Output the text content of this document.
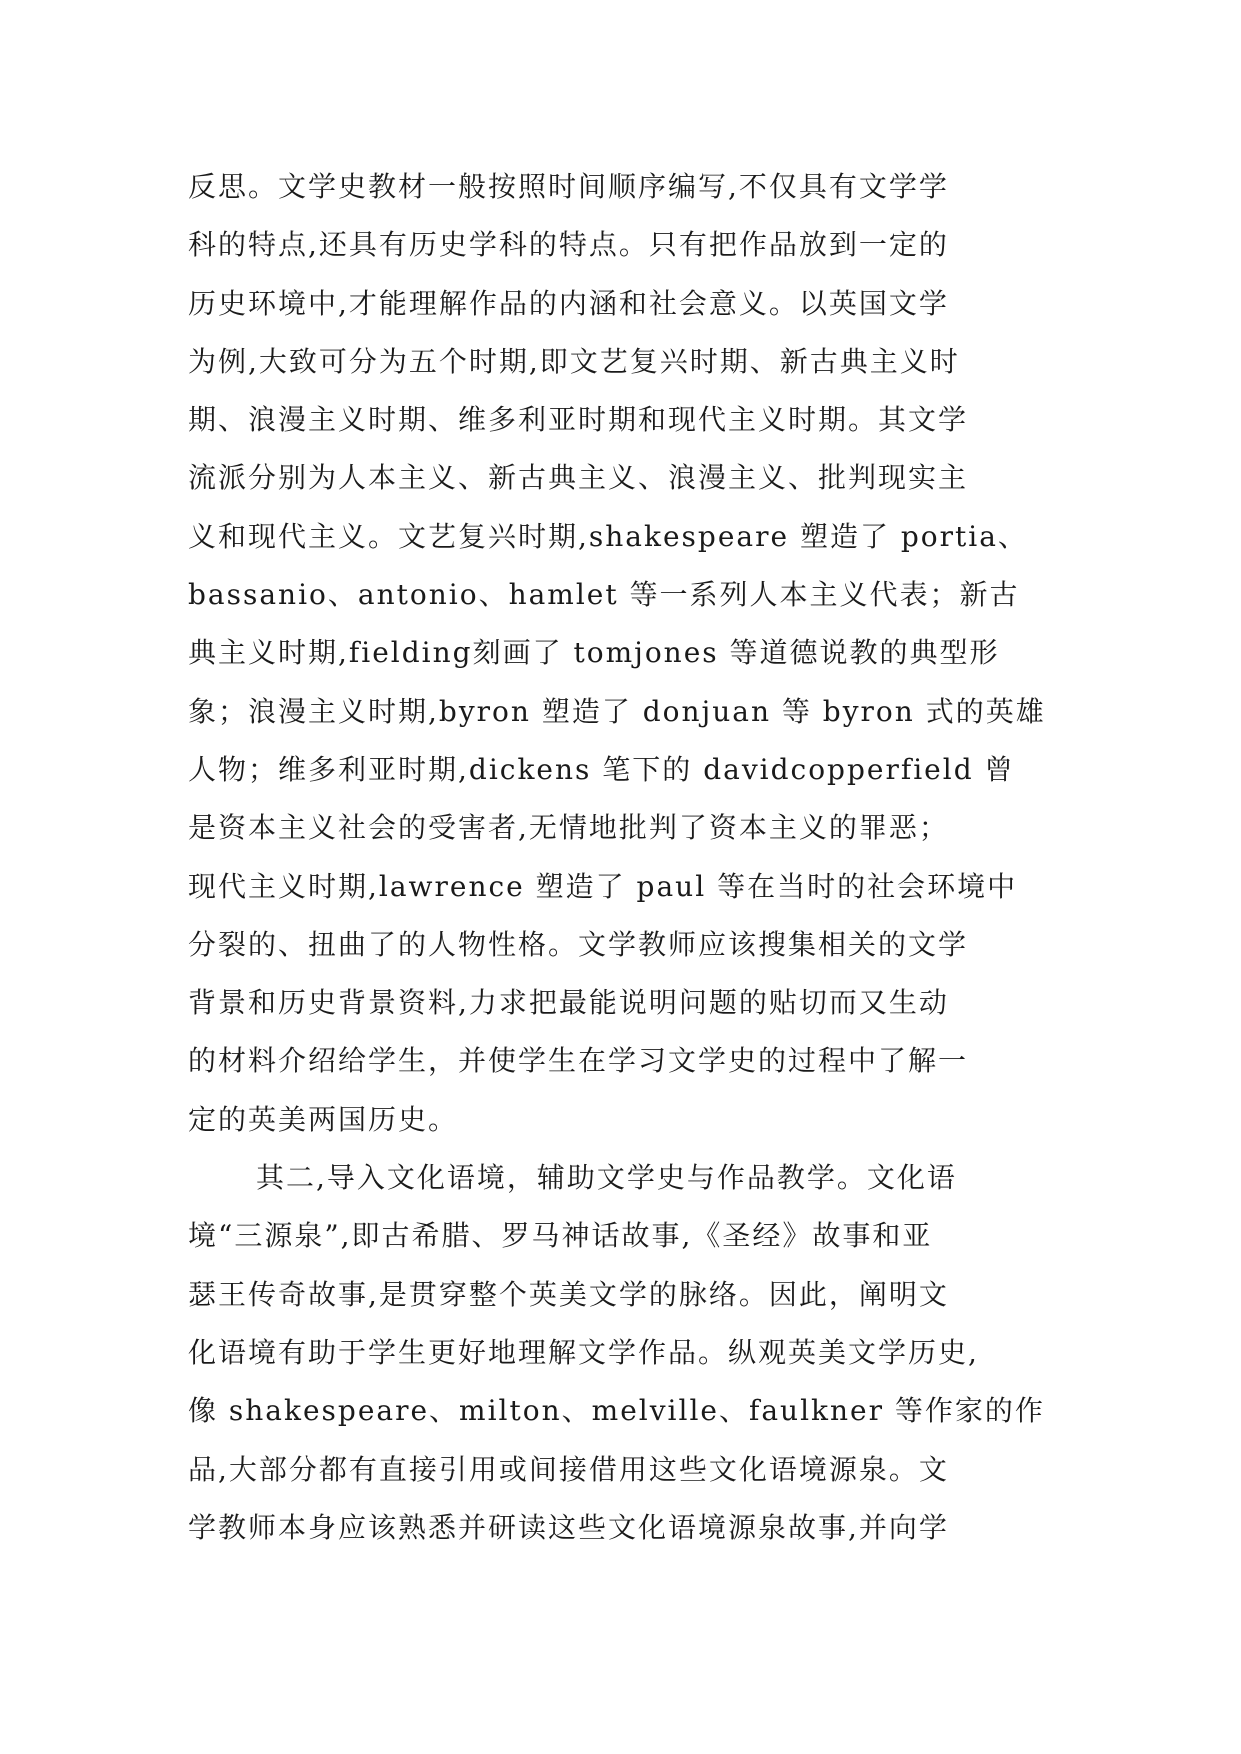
反思。文学史教材一般按照时间顺序编写,不仅具有文学学
科的特点,还具有历史学科的特点。只有把作品放到一定的
历史环境中,才能理解作品的内涵和社会意义。以英国文学
为例,大致可分为五个时期,即文艺复兴时期、新古典主义时
期、浪漫主义时期、维多利亚时期和现代主义时期。其文学
流派分别为人本主义、新古典主义、浪漫主义、批判现实主
义和现代主义。文艺复兴时期,shakespeare 塑造了 portia、
bassanio、antonio、hamlet 等一系列人本主义代表；新古
典主义时期,fielding刻画了 tomjones 等道德说教的典型形
象；浪漫主义时期,byron 塑造了 donjuan 等 byron 式的英雄
人物；维多利亚时期,dickens 笔下的 davidcopperfield 曾
是资本主义社会的受害者,无情地批判了资本主义的罪恶；
现代主义时期,lawrence 塑造了 paul 等在当时的社会环境中
分裂的、扭曲了的人物性格。文学教师应该搜集相关的文学
背景和历史背景资料,力求把最能说明问题的贴切而又生动
的材料介绍给学生，并使学生在学习文学史的过程中了解一
定的英美两国历史。
其二,导入文化语境，辅助文学史与作品教学。文化语
境“三源泉”,即古希腊、罗马神话故事,《圣经》故事和亚
瑟王传奇故事,是贯穿整个英美文学的脉络。因此，阐明文
化语境有助于学生更好地理解文学作品。纵观英美文学历史,
像 shakespeare、milton、melville、faulkner 等作家的作
品,大部分都有直接引用或间接借用这些文化语境源泉。文
学教师本身应该熟悉并研读这些文化语境源泉故事,并向学
